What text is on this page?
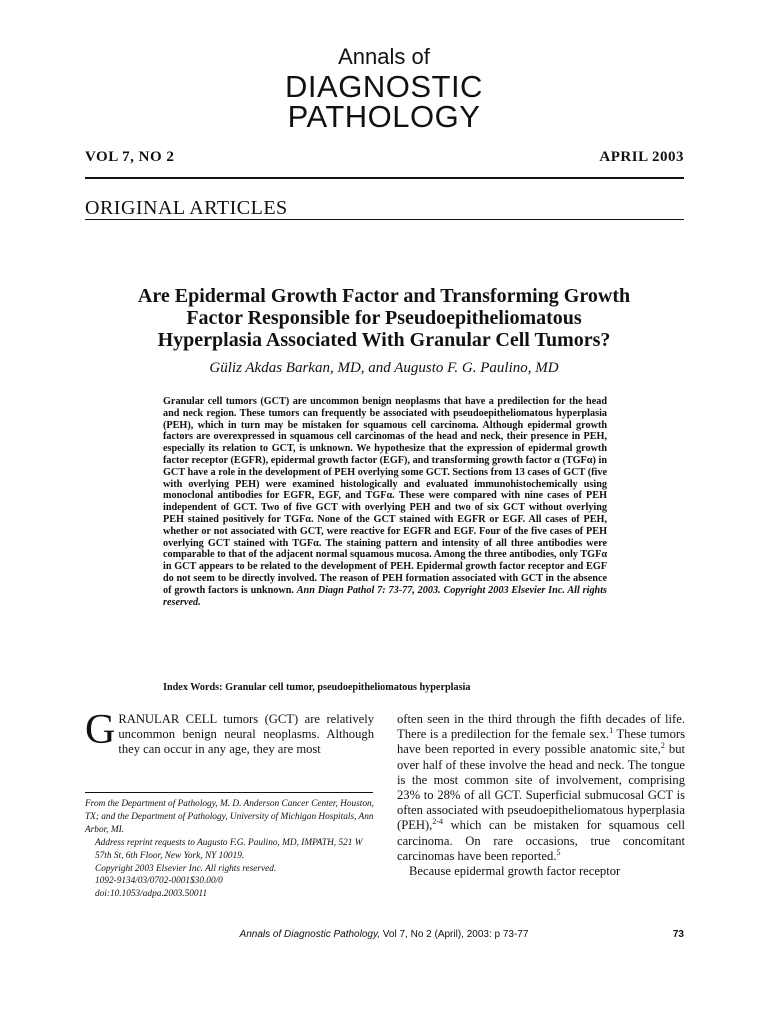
Annals of
DIAGNOSTIC
PATHOLOGY
VOL 7, NO 2	APRIL 2003
ORIGINAL ARTICLES
Are Epidermal Growth Factor and Transforming Growth
Factor Responsible for Pseudoepitheliomatous
Hyperplasia Associated With Granular Cell Tumors?
Güliz Akdas Barkan, MD, and Augusto F. G. Paulino, MD
Granular cell tumors (GCT) are uncommon benign neoplasms that have a predilection for the head and neck region. These tumors can frequently be associated with pseudoepitheliomatous hyperplasia (PEH), which in turn may be mistaken for squamous cell carcinoma. Although epidermal growth factors are overexpressed in squamous cell carcinomas of the head and neck, their presence in PEH, especially its relation to GCT, is unknown. We hypothesize that the expression of epidermal growth factor receptor (EGFR), epidermal growth factor (EGF), and transforming growth factor α (TGFα) in GCT have a role in the development of PEH overlying some GCT. Sections from 13 cases of GCT (five with overlying PEH) were examined histologically and evaluated immunohistochemically using monoclonal antibodies for EGFR, EGF, and TGFα. These were compared with nine cases of PEH independent of GCT. Two of five GCT with overlying PEH and two of six GCT without overlying PEH stained positively for TGFα. None of the GCT stained with EGFR or EGF. All cases of PEH, whether or not associated with GCT, were reactive for EGFR and EGF. Four of the five cases of PEH overlying GCT stained with TGFα. The staining pattern and intensity of all three antibodies were comparable to that of the adjacent normal squamous mucosa. Among the three antibodies, only TGFα in GCT appears to be related to the development of PEH. Epidermal growth factor receptor and EGF do not seem to be directly involved. The reason of PEH formation associated with GCT in the absence of growth factors is unknown. Ann Diagn Pathol 7: 73-77, 2003. Copyright 2003 Elsevier Inc. All rights reserved.
Index Words: Granular cell tumor, pseudoepitheliomatous hyperplasia
GRANULAR CELL tumors (GCT) are relatively uncommon benign neural neoplasms. Although they can occur in any age, they are most

From the Department of Pathology, M. D. Anderson Cancer Center, Houston, TX; and the Department of Pathology, University of Michigan Hospitals, Ann Arbor, MI.

Address reprint requests to Augusto F.G. Paulino, MD, IMPATH, 521 W 57th St, 6th Floor, New York, NY 10019.

Copyright 2003 Elsevier Inc. All rights reserved.

1092-9134/03/0702-0001$30.00/0

doi:10.1053/adpa.2003.50011

often seen in the third through the fifth decades of life. There is a predilection for the female sex.$^1$ These tumors have been reported in every possible anatomic site,$^2$ but over half of these involve the head and neck. The tongue is the most common site of involvement, comprising 23% to 28% of all GCT. Superficial submucosal GCT is often associated with pseudoepitheliomatous hyperplasia (PEH),$^{2-4}$ which can be mistaken for squamous cell carcinoma. On rare occasions, true concomitant carcinomas have been reported.$^5$
Because epidermal growth factor receptor
Annals of Diagnostic Pathology, Vol 7, No 2 (April), 2003: p 73-77	73
